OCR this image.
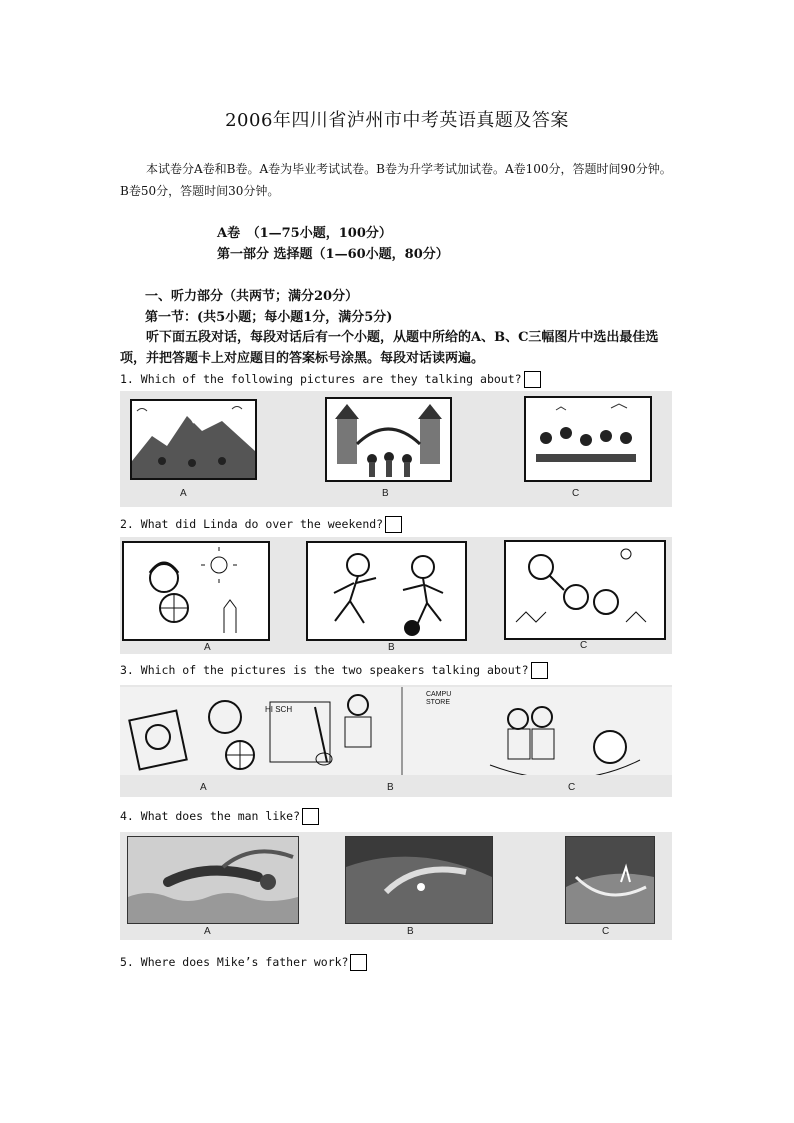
2006年四川省泸州市中考英语真题及答案
本试卷分A卷和B卷。A卷为毕业考试试卷。B卷为升学考试加试卷。A卷100分，答题时间90分钟。B卷50分，答题时间30分钟。
A卷　（1—75小题，100分）
第一部分 选择题（1—60小题，80分）
一、听力部分（共两节；满分20分）
第一节：(共5小题；每小题1分，满分5分)
听下面五段对话，每段对话后有一个小题，从题中所给的A、B、C三幅图片中选出最佳选项，并把答题卡上对应题目的答案标号涂黑。每段对话读两遍。
1. Which of the following pictures are they talking about?
A	B	C
2. What did Linda do over the weekend?
A	B	C
3. Which of the pictures is the two speakers talking about?
HI SCH
CAMPU STORE
A	B	C
4. What does the man like?
A	B	C
5. Where does Mike’s father work?
